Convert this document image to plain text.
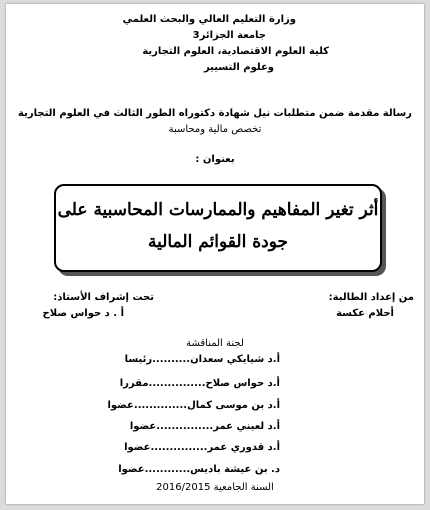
وزارة التعليم العالي والبحث العلمي
جامعة الجزائر3
كلية العلوم الاقتصادية، العلوم التجارية
وعلوم التسيير
رسالة مقدمة ضمن متطلبات نيل شهادة دكتوراه الطور الثالث في العلوم التجارية
تخصص مالية ومحاسبة
بعنوان :
أثر تغير المفاهيم والممارسات المحاسبية على
جودة القوائم المالية
من إعداد الطالبة:
أحلام عكسة
تحت إشراف الأستاذ:
أ . د حواس صلاح
لجنة المناقشة
أ.د شيايكي سعدان..........رئيسا
أ.د حواس صلاح...............مقررا
أ.د بن موسى كمال..............عضوا
أ.د لعيني عمر...............عضوا
أ.د قدوري عمر...............عضوا
د. بن عيشة باديس............عضوا
السنة الجامعية 2016/2015
